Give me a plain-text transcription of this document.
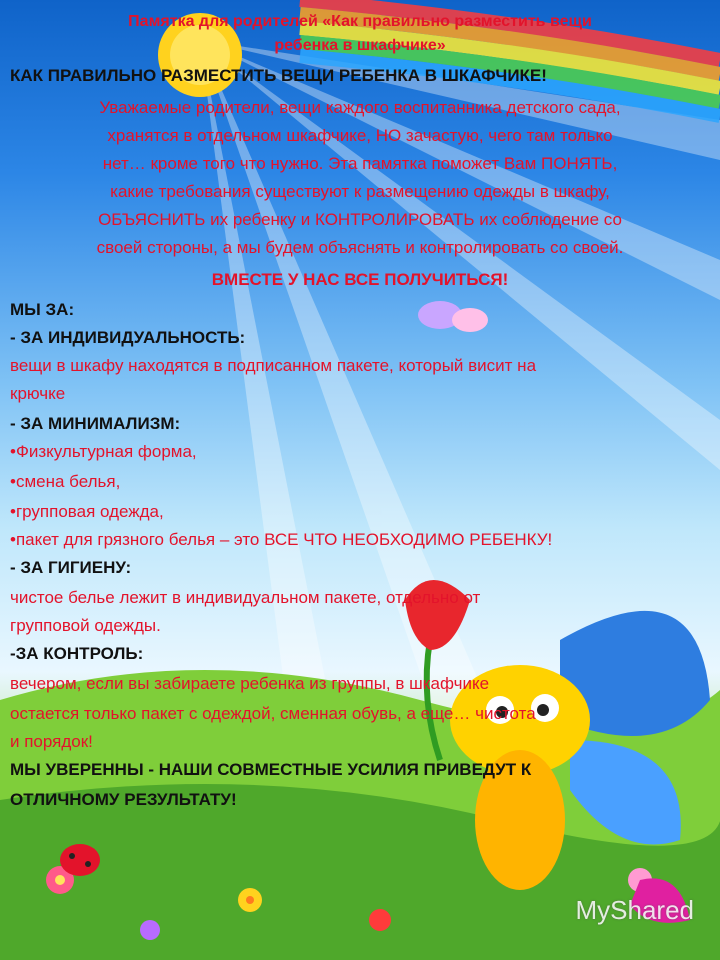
Памятка для родителей «Как правильно разместить вещи
ребенка в шкафчике»
КАК ПРАВИЛЬНО РАЗМЕСТИТЬ ВЕЩИ РЕБЕНКА В ШКАФЧИКЕ!
Уважаемые родители, вещи каждого воспитанника детского сада,
хранятся в отдельном шкафчике, НО зачастую, чего там только
нет… кроме того что нужно. Эта памятка поможет Вам ПОНЯТЬ,
какие требования существуют к размещению одежды в шкафу,
ОБЪЯСНИТЬ их ребенку и КОНТРОЛИРОВАТЬ их соблюдение со
своей стороны, а мы будем объяснять и контролировать со своей.
ВМЕСТЕ У НАС ВСЕ ПОЛУЧИТЬСЯ!
МЫ ЗА:
- ЗА ИНДИВИДУАЛЬНОСТЬ:
вещи в шкафу находятся в подписанном пакете, который висит на
крючке
- ЗА МИНИМАЛИЗМ:
•Физкультурная форма,
•смена белья,
•групповая одежда,
•пакет для грязного белья – это ВСЕ ЧТО НЕОБХОДИМО РЕБЕНКУ!
- ЗА ГИГИЕНУ:
чистое белье лежит в индивидуальном пакете, отдельно от
групповой одежды.
-ЗА КОНТРОЛЬ:
вечером, если вы забираете ребенка из группы, в шкафчике
остается только пакет с одеждой, сменная обувь, а еще… чистота
и порядок!
МЫ УВЕРЕННЫ - НАШИ СОВМЕСТНЫЕ УСИЛИЯ ПРИВЕДУТ К
ОТЛИЧНОМУ РЕЗУЛЬТАТУ!
MyShared
